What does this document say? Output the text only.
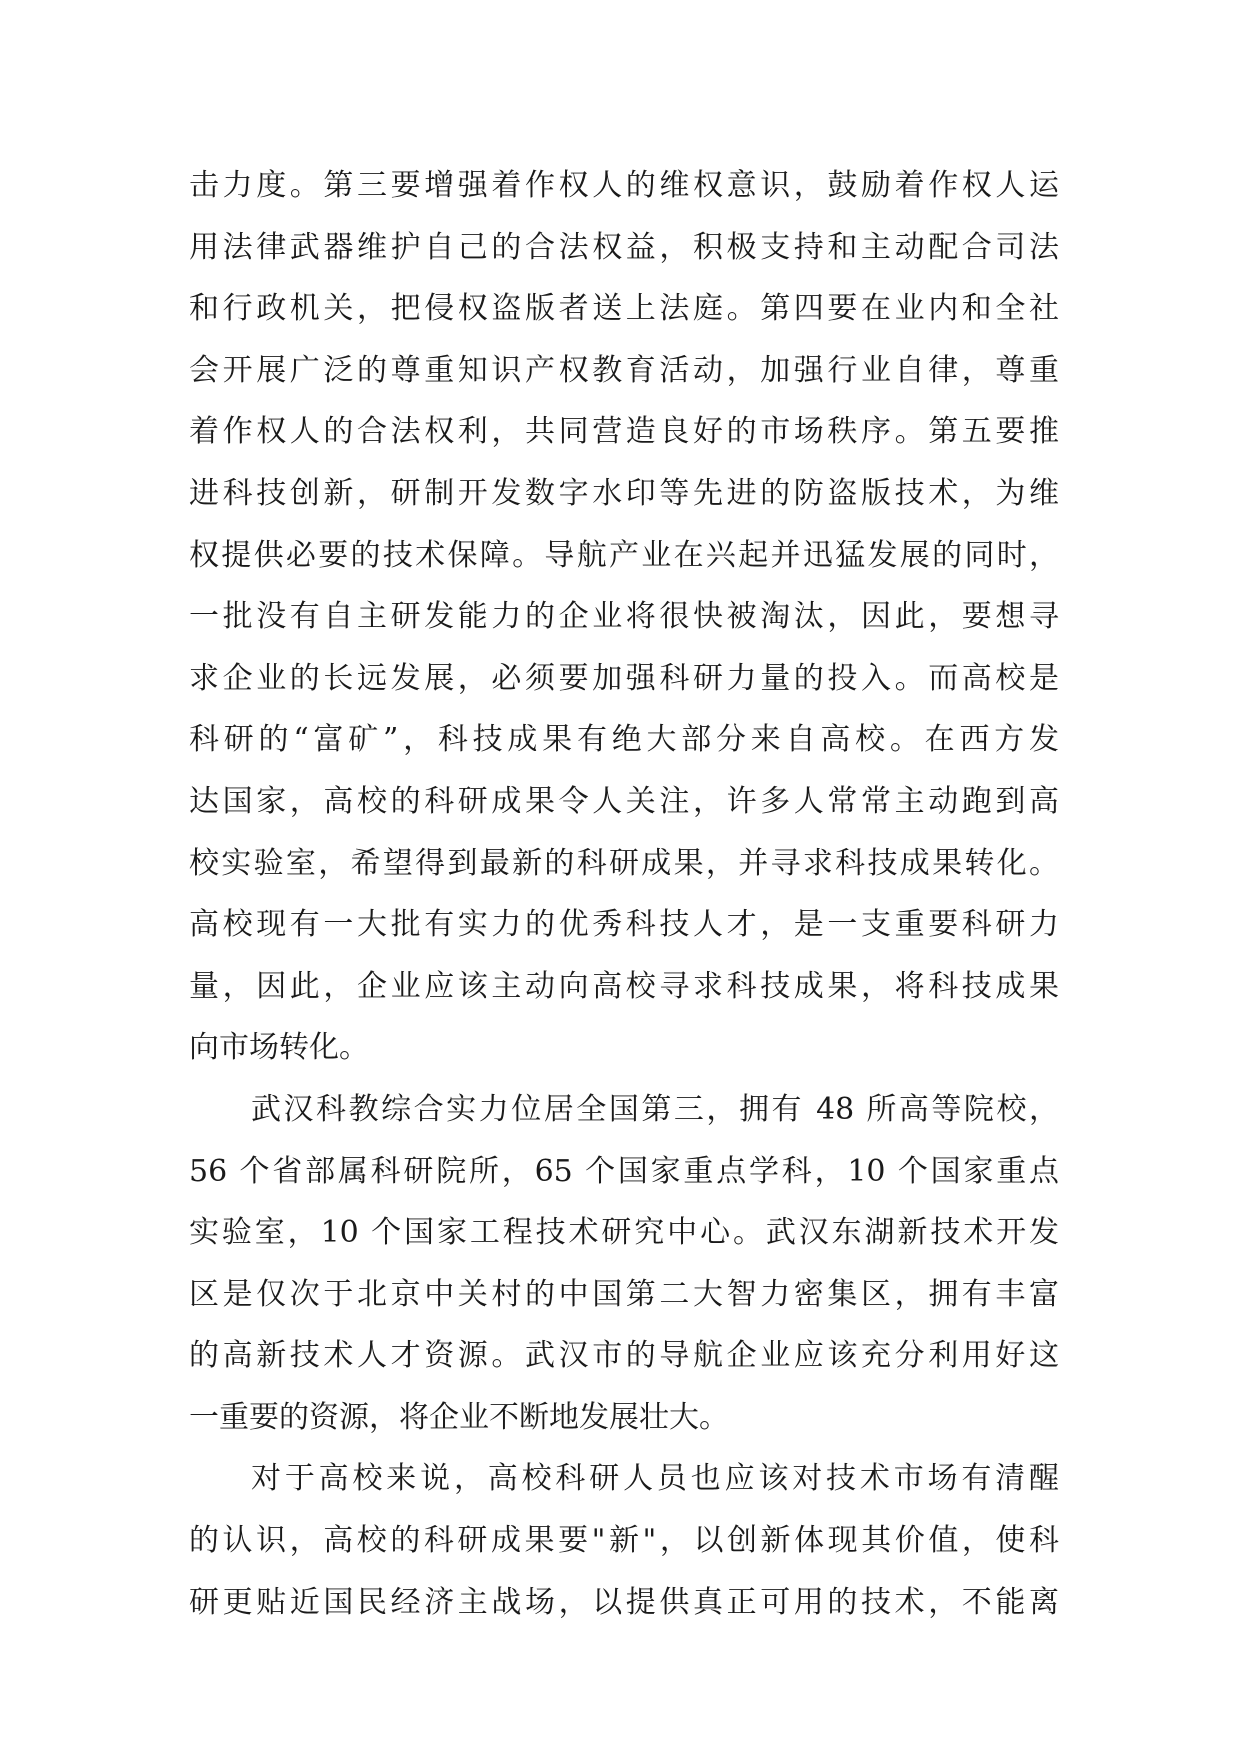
击力度。第三要增强着作权人的维权意识，鼓励着作权人运
用法律武器维护自己的合法权益，积极支持和主动配合司法
和行政机关，把侵权盗版者送上法庭。第四要在业内和全社
会开展广泛的尊重知识产权教育活动，加强行业自律，尊重
着作权人的合法权利，共同营造良好的市场秩序。第五要推
进科技创新，研制开发数字水印等先进的防盗版技术，为维
权提供必要的技术保障。导航产业在兴起并迅猛发展的同时，
一批没有自主研发能力的企业将很快被淘汰，因此，要想寻
求企业的长远发展，必须要加强科研力量的投入。而高校是
科研的“富矿”，科技成果有绝大部分来自高校。在西方发
达国家，高校的科研成果令人关注，许多人常常主动跑到高
校实验室，希望得到最新的科研成果，并寻求科技成果转化。
高校现有一大批有实力的优秀科技人才，是一支重要科研力
量，因此，企业应该主动向高校寻求科技成果，将科技成果
向市场转化。
武汉科教综合实力位居全国第三，拥有 48 所高等院校，
56 个省部属科研院所，65 个国家重点学科，10 个国家重点
实验室，10 个国家工程技术研究中心。武汉东湖新技术开发
区是仅次于北京中关村的中国第二大智力密集区，拥有丰富
的高新技术人才资源。武汉市的导航企业应该充分利用好这
一重要的资源，将企业不断地发展壮大。
对于高校来说，高校科研人员也应该对技术市场有清醒
的认识，高校的科研成果要"新"，以创新体现其价值，使科
研更贴近国民经济主战场，以提供真正可用的技术，不能离
